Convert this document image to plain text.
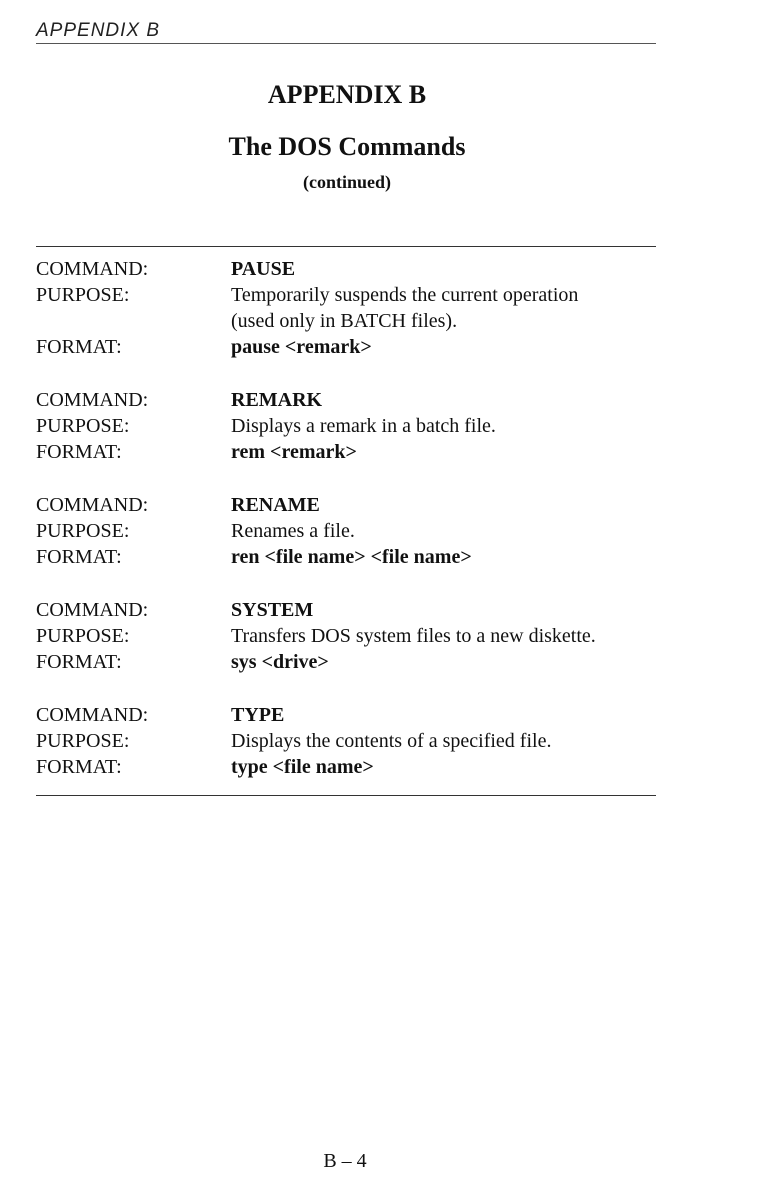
APPENDIX B
APPENDIX B
The DOS Commands
(continued)
COMMAND:	PAUSE
PURPOSE:	Temporarily suspends the current operation
(used only in BATCH files).
FORMAT:	pause <remark>
COMMAND:	REMARK
PURPOSE:	Displays a remark in a batch file.
FORMAT:	rem <remark>
COMMAND:	RENAME
PURPOSE:	Renames a file.
FORMAT:	ren <file name> <file name>
COMMAND:	SYSTEM
PURPOSE:	Transfers DOS system files to a new diskette.
FORMAT:	sys <drive>
COMMAND:	TYPE
PURPOSE:	Displays the contents of a specified file.
FORMAT:	type <file name>
B – 4
